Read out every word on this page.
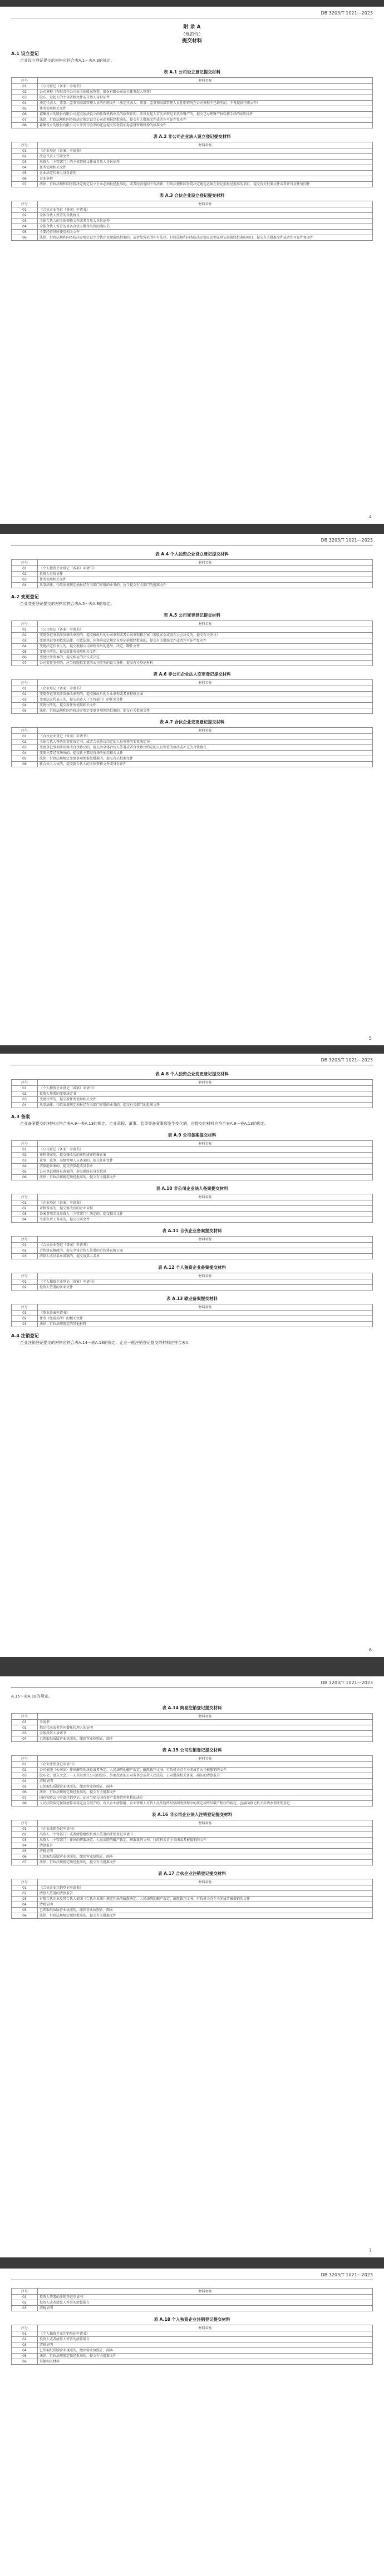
DB 3203/T 1021—2023
附 录 A
（规范性）
提交材料
A.1 设立登记
企业设立登记提交的材料应符合表A.1～表A.3的规定。
表 A.1 公司设立登记提交材料
序号	材料名称
01	《公司登记（备案）申请书》
02	公司章程（有限责任公司由全体股东签署，股份有限公司由全体发起人签署）
03	股东、发起人的主体资格文件或自然人身份证件
04	法定代表人、董事、监事和高级管理人员的任职文件（法定代表人、董事、监事和高级管理人员任职情况在公司章程中已载明的，不再提供任职文件）
05	住所使用相关文件
06	募集设立的股份有限公司提交依法设立的验资机构出具的验资证明；涉及发起人首次出资是非货币财产的，提交已办理财产权转移手续的证明文件
07	法律、行政法规和国务院决定规定设立公司必须报经批准的，提交有关批准文件或者许可证件复印件
08	募集设立的股份有限公司公开发行股票的还应提交国务院证券监督管理机构的核准文件
表 A.2 非公司企业法人设立登记提交材料
序号	材料名称
01	《企业登记（备案）申请书》
02	法定代表人任职文件
03	出资人（主管部门）的主体资格文件或自然人身份证件
04	住所使用相关文件
05	企业法定代表人身份证明
06	企业章程
07	法律、行政法规和国务院决定规定设立企业必须报经批准的，或者经营范围中有法律、行政法规和国务院决定规定必须在登记前报经批准的项目，提交有关批准文件或者许可证件复印件
表 A.3 合伙企业设立登记提交材料
序号	材料名称
01	《合伙企业登记（备案）申请书》
02	全体合伙人签署的合伙协议
03	全体合伙人的主体资格文件或者自然人身份证件
04	全体合伙人签署的对各合伙人缴付出资的确认书
05	主要经营场所使用相关文件
06	法律、行政法规和国务院决定规定设立合伙企业须报经批准的，或者经营范围中有法律、行政法规和国务院决定规定必须在登记前报经批准的项目，提交有关批准文件或者许可证件复印件
4
DB 3203/T 1021—2023
表 A.4 个人独资企业设立登记提交材料
序号	材料名称
01	《个人独资企业登记（备案）申请书》
02	投资人身份证件
03	住所使用相关文件
04	从事法律、行政法规规定须报经有关部门审批的业务的，应当提交有关部门的批准文件
A.2 变更登记
企业变更登记提交的材料应符合表A.5～表A.8的规定。
表 A.5 公司变更登记提交材料
序号	材料名称
01	《公司登记（备案）申请书》
02	变更登记事项涉及修改章程的，提交修改后的公司章程或者公司章程修正案（需股东会或股东大会决议的，提交有关决议）
03	变更登记事项依照法律、行政法规、国务院决定规定在登记前须经批准的，提交有关批准文件或者许可证件复印件
04	变更法定代表人的，提交根据公司章程作出的选举、决定、聘任文件
05	变更住所的，提交新住所使用相关文件
06	变更注册资本的，提交相应的决议或决定
07	公司变更类型的，应当按照拟变更的公司类型的设立条件，提交有关登记材料
表 A.6 非公司企业法人变更登记提交材料
序号	材料名称
01	《企业登记（备案）申请书》
02	变更登记事项涉及修改章程的，提交修改后的企业章程或者章程修正案
03	变更法定代表人的，提交出资人（主管部门）的任免文件
04	变更住所的，提交新住所使用相关文件
05	法律、行政法规和国务院决定规定变更事项须经批准的，提交有关批准文件
表 A.7 合伙企业变更登记提交材料
序号	材料名称
01	《合伙企业登记（备案）申请书》
02	全体合伙人签署的变更决定书，或者合伙协议约定的人员签署的变更决定书
03	变更登记事项涉及修改合伙协议的，提交由全体合伙人签署或者合伙协议约定的人员签署的修改或补充的合伙协议
04	变更主要经营场所的，提交新主要经营场所使用相关文件
05	法律、行政法规规定变更事项须报经批准的，提交有关批准文件
06	新合伙人入伙的，提交新合伙人的主体资格文件或身份证件
5
DB 3203/T 1021—2023
表 A.8 个人独资企业变更登记提交材料
序号	材料名称
01	《个人独资企业登记（备案）申请书》
02	投资人签署的变更决定书
03	变更住所的，提交新住所使用相关文件
04	从事法律、行政法规规定须报经有关部门审批的业务的，提交有关部门的批准文件
A.3 备案
企业备案提交的材料应符合表A.9～表A.13的规定。企业章程、董事、监事等备案事项发生变化的，应提交的材料应符合表A.9～表A.13的规定。
表 A.9 公司备案提交材料
序号	材料名称
01	《公司登记（备案）申请书》
02	章程备案的，提交修改后的章程或章程修正案
03	董事、监事、高级管理人员备案的，提交任职文件
04	清算组备案的，提交清算组成员名单
05	公司登记联络员备案的，提交联络员身份信息
06	法律、行政法规规定须经批准的，提交有关批准文件
表 A.10 非公司企业法人备案提交材料
序号	材料名称
01	《企业登记（备案）申请书》
02	章程备案的，提交修改后的企业章程
03	备案事项涉及出资人（主管部门）决定的，提交相关文件
04	主要负责人备案的，提交任职文件
表 A.11 合伙企业备案提交材料
序号	材料名称
01	《合伙企业登记（备案）申请书》
02	合伙协议修改的，提交全体合伙人签署的合伙协议修正案
03	清算人成员名单备案的，提交清算人名单
表 A.12 个人独资企业备案提交材料
序号	材料名称
01	《个人独资企业登记（备案）申请书》
02	投资人签署的备案文件
表 A.13 歇业备案提交材料
序号	材料名称
01	《歇业备案申请书》
02	住所（经营场所）的相关文件
03	法律、行政法规规定的其他材料
A.4 注销登记
企业注销登记提交的材料应符合表A.14～表A.18的规定。企业一般注销登记提交的材料应符合表A.
6
DB 3203/T 1021—2023
A.15～表A.18的规定。
表 A.14 简易注销登记提交材料
序号	材料名称
01	申请书
02	指定代表或者共同委托代理人的证明
03	全体投资人承诺书
04	已领取纸质版营业执照的，缴回营业执照正、副本
表 A.15 公司注销登记提交材料
序号	材料名称
01	《企业注销登记申请书》
02	公司依照《公司法》作出解散的决议或者决定，人民法院的破产裁定、解散裁判文书，行政机关责令关闭或者公司被撤销的文件
03	股东会、股东大会、一人有限责任公司的股东、外商投资的公司董事会或者人民法院、公司批准机关备案、确认的清算报告
04	清税证明
05	已领取纸质版营业执照的，缴回营业执照正、副本
06	法律、行政法规规定须经批准的，提交有关批准文件
07	国有独资公司申请注销登记，还应当提交国有资产监督管理机构的决定
08	人民法院裁定强制清算或裁定宣告破产的，有关企业清算组、企业管理人可持人民法院终结强制清算程序的裁定或终结破产程序的裁定，直接向登记机关申请办理注销登记
表 A.16 非公司企业法人注销登记提交材料
序号	材料名称
01	《企业注销登记申请书》
02	出资人（主管部门）或者清算组织负责人签署的注销登记申请书
03	出资人（主管部门）作出的解散决定，人民法院的破产裁定、解散裁判文书，行政机关责令关闭或者被撤销的文件
04	清算报告
05	清税证明
06	已领取纸质版营业执照的，缴回营业执照正、副本
07	法律、行政法规规定须经批准的，提交有关批准文件
表 A.17 合伙企业注销登记提交材料
序号	材料名称
01	《合伙企业注销登记申请书》
02	清算人签署的清算报告
03	有限合伙企业及其合伙人依照《合伙企业法》规定作出的解散决定，人民法院的破产裁定、解散裁判文书，行政机关责令关闭或者被撤销的文件
04	清税证明
05	已领取纸质版营业执照的，缴回营业执照正、副本
06	法律、行政法规规定须经批准的，提交有关批准文件
7
DB 3203/T 1021—2023
序号	材料名称
01	投资人签署的注销登记申请书
02	投资人或者清算人签署的清算报告
03	清税证明
表 A.18 个人独资企业注销登记提交材料
序号	材料名称
01	《个人独资企业注销登记申请书》
02	投资人或者清算人签署的清算报告
03	清税证明
04	已领取纸质版营业执照的，缴回营业执照正、副本
05	法律、行政法规规定须经批准的，提交有关批准文件
06	其他相关材料
